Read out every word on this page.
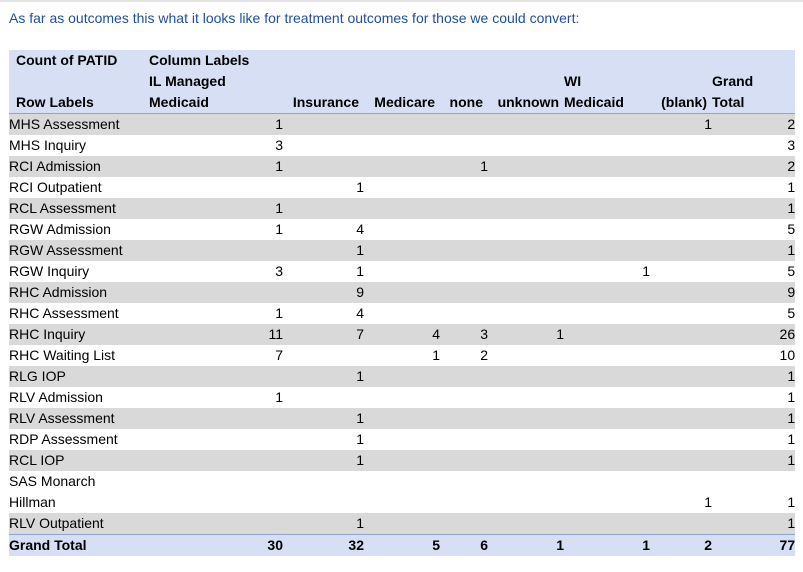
As far as outcomes this what it looks like for treatment outcomes for those we could convert:
Count of PATID	Column Labels							
	IL Managed					WI		Grand
Row Labels	Medicaid	Insurance	Medicare	none	unknown	Medicaid	(blank)	Total

MHS Assessment	1						1	2

MHS Inquiry	3							3

RCI Admission	1			1				2

RCI Outpatient		1						1

RCL Assessment	1							1

RGW Admission	1	4						5

RGW Assessment		1						1

RGW Inquiry	3	1				1		5

RHC Admission		9						9

RHC Assessment	1	4						5

RHC Inquiry	11	7	4	3	1			26

RHC Waiting List	7		1	2				10

RLG IOP		1						1

RLV Admission	1							1

RLV Assessment		1						1

RDP Assessment		1						1

RCL IOP		1						1

SAS Monarch
Hillman							1	1

RLV Outpatient		1						1
Grand Total	30	32	5	6	1	1	2	77
